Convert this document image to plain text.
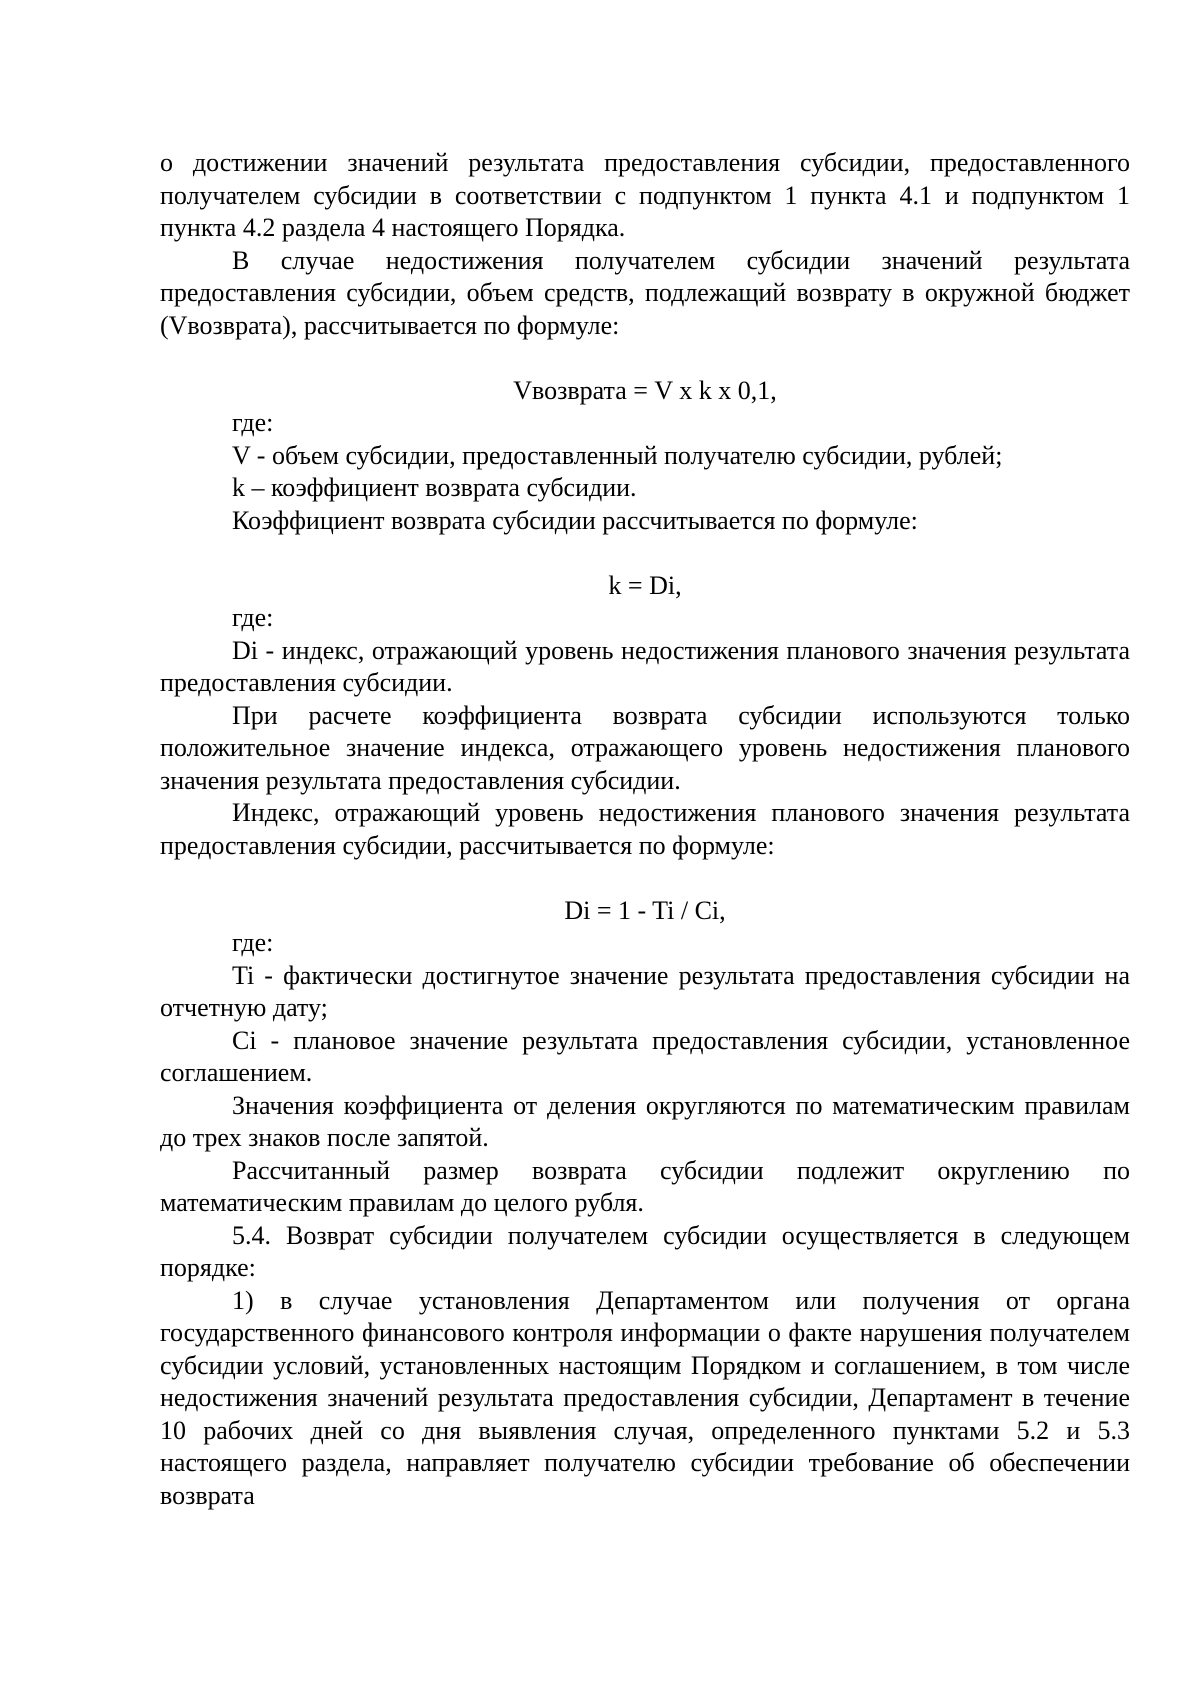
о достижении значений результата предоставления субсидии, предоставленного получателем субсидии в соответствии с подпунктом 1 пункта 4.1 и подпунктом 1 пункта 4.2 раздела 4 настоящего Порядка.

В случае недостижения получателем субсидии значений результата предоставления субсидии, объем средств, подлежащий возврату в окружной бюджет (Vвозврата), рассчитывается по формуле:

Vвозврата = V x k x 0,1,

где:

V - объем субсидии, предоставленный получателю субсидии, рублей;

k – коэффициент возврата субсидии.

Коэффициент возврата субсидии рассчитывается по формуле:

k = Di,

где:

Di - индекс, отражающий уровень недостижения планового значения результата предоставления субсидии.

При расчете коэффициента возврата субсидии используются только положительное значение индекса, отражающего уровень недостижения планового значения результата предоставления субсидии.

Индекс, отражающий уровень недостижения планового значения результата предоставления субсидии, рассчитывается по формуле:

Di = 1 - Ti / Ci,

где:

Ti - фактически достигнутое значение результата предоставления субсидии на отчетную дату;

Ci - плановое значение результата предоставления субсидии, установленное соглашением.

Значения коэффициента от деления округляются по математическим правилам до трех знаков после запятой.

Рассчитанный размер возврата субсидии подлежит округлению по математическим правилам до целого рубля.

5.4. Возврат субсидии получателем субсидии осуществляется в следующем порядке:

1) в случае установления Департаментом или получения от органа государственного финансового контроля информации о факте нарушения получателем субсидии условий, установленных настоящим Порядком и соглашением, в том числе недостижения значений результата предоставления субсидии, Департамент в течение 10 рабочих дней со дня выявления случая, определенного пунктами 5.2 и 5.3 настоящего раздела, направляет получателю субсидии требование об обеспечении возврата
